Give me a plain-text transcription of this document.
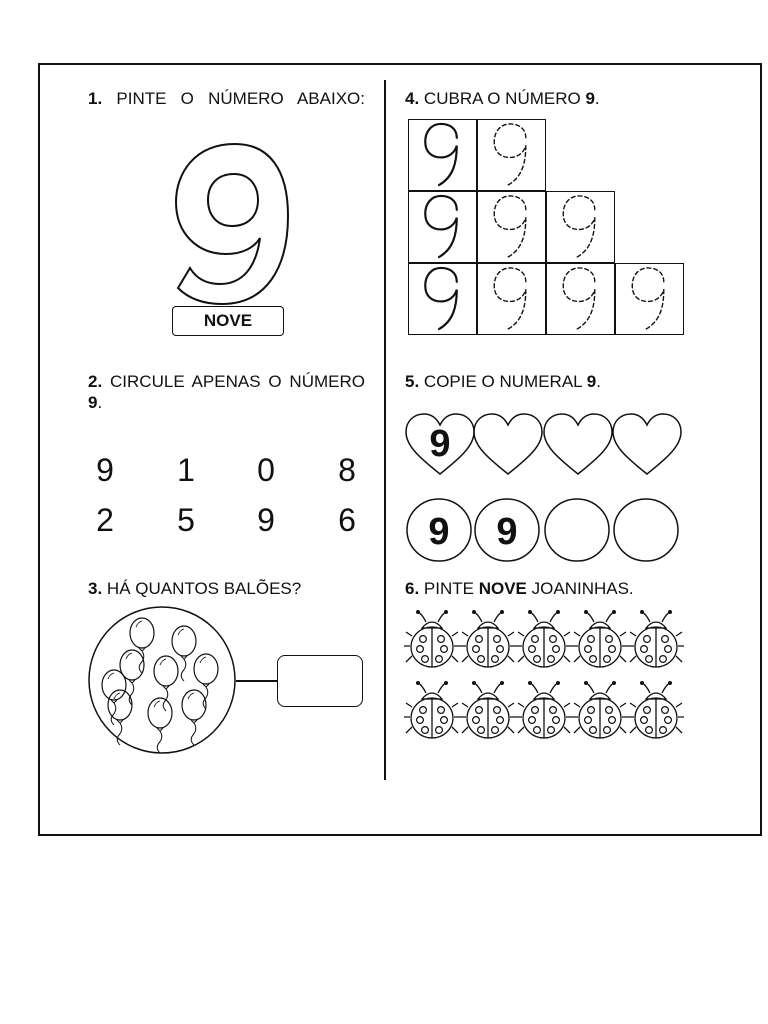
1. PINTE O NÚMERO ABAIXO:
NOVE
2. CIRCULE APENAS O NÚMERO 9.
9	1	0	8
2	5	9	6
3. HÁ QUANTOS BALÕES?
4. CUBRA O NÚMERO 9.
5. COPIE O NUMERAL 9.
9
9 9
6. PINTE NOVE JOANINHAS.
